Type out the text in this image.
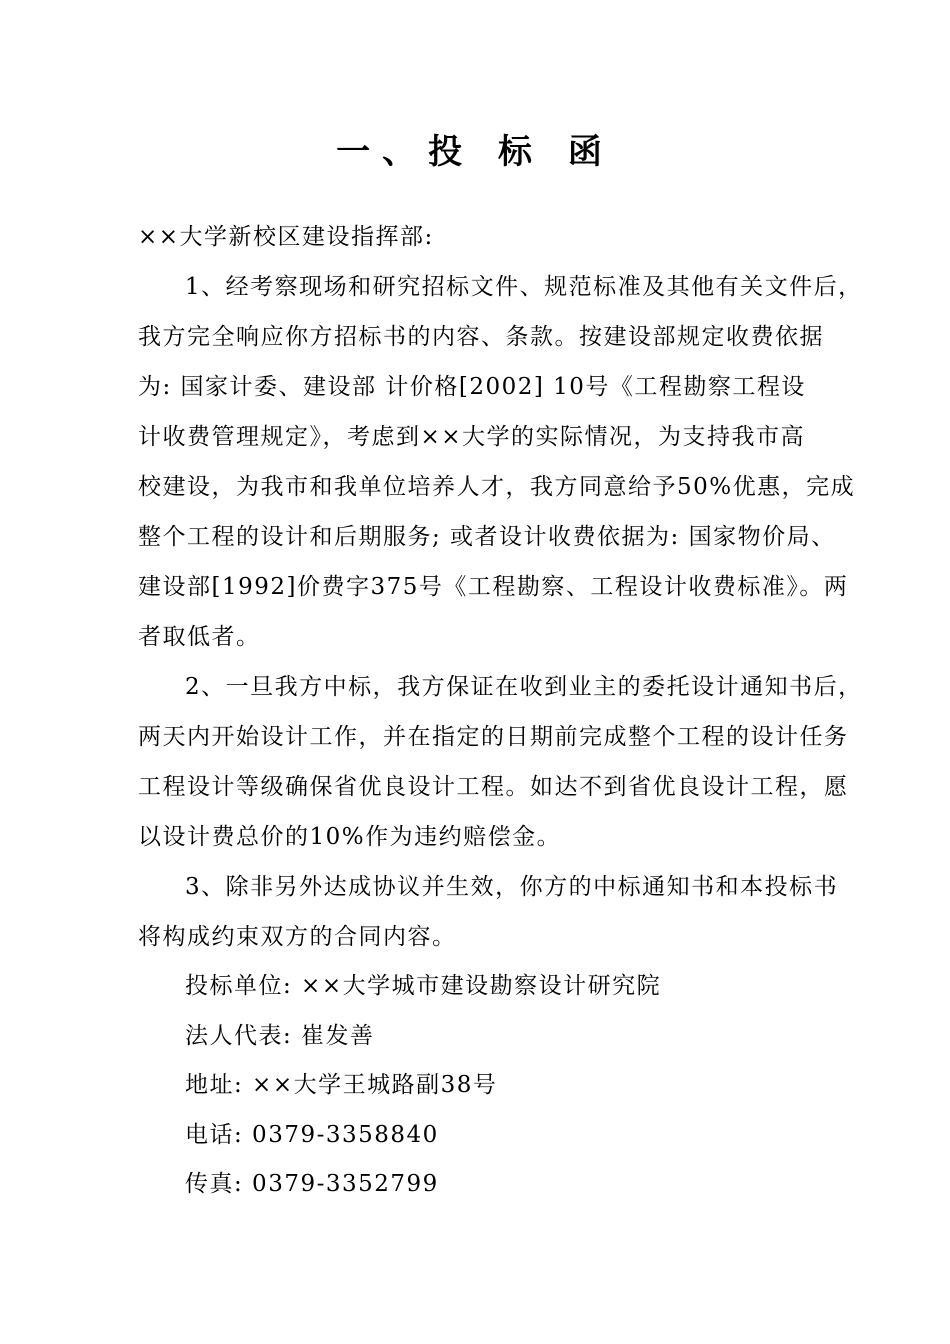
一、投 标 函
××大学新校区建设指挥部:
1、经考察现场和研究招标文件、规范标准及其他有关文件后，
我方完全响应你方招标书的内容、条款。按建设部规定收费依据
为: 国家计委、建设部 计价格[2002] 10号《工程勘察工程设
计收费管理规定》，考虑到××大学的实际情况，为支持我市高
校建设，为我市和我单位培养人才，我方同意给予50%优惠，完成
整个工程的设计和后期服务; 或者设计收费依据为: 国家物价局、
建设部[1992]价费字375号《工程勘察、工程设计收费标准》。两
者取低者。
2、一旦我方中标，我方保证在收到业主的委托设计通知书后，
两天内开始设计工作，并在指定的日期前完成整个工程的设计任务
工程设计等级确保省优良设计工程。如达不到省优良设计工程，愿
以设计费总价的10%作为违约赔偿金。
3、除非另外达成协议并生效，你方的中标通知书和本投标书
将构成约束双方的合同内容。
投标单位: ××大学城市建设勘察设计研究院
法人代表: 崔发善
地址: ××大学王城路副38号
电话: 0379-3358840
传真: 0379-3352799
